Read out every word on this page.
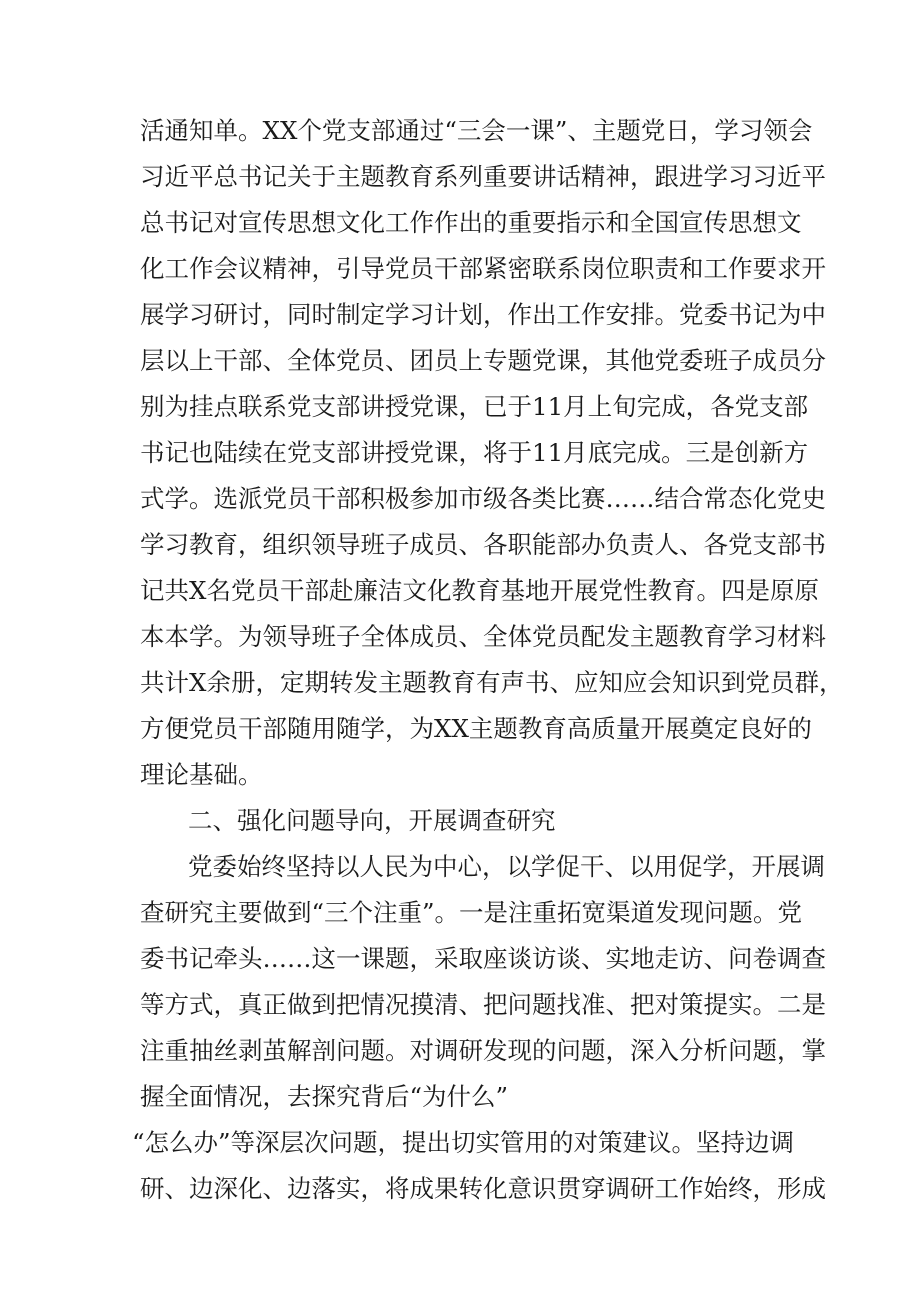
活通知单。XX个党支部通过“三会一课”、主题党日，学习领会
习近平总书记关于主题教育系列重要讲话精神，跟进学习习近平
总书记对宣传思想文化工作作出的重要指示和全国宣传思想文
化工作会议精神，引导党员干部紧密联系岗位职责和工作要求开
展学习研讨，同时制定学习计划，作出工作安排。党委书记为中
层以上干部、全体党员、团员上专题党课，其他党委班子成员分
别为挂点联系党支部讲授党课，已于11月上旬完成，各党支部
书记也陆续在党支部讲授党课，将于11月底完成。三是创新方
式学。选派党员干部积极参加市级各类比赛……结合常态化党史
学习教育，组织领导班子成员、各职能部办负责人、各党支部书
记共X名党员干部赴廉洁文化教育基地开展党性教育。四是原原
本本学。为领导班子全体成员、全体党员配发主题教育学习材料
共计X余册，定期转发主题教育有声书、应知应会知识到党员群，
方便党员干部随用随学，为XX主题教育高质量开展奠定良好的
理论基础。
二、强化问题导向，开展调查研究
党委始终坚持以人民为中心，以学促干、以用促学，开展调
查研究主要做到“三个注重”。一是注重拓宽渠道发现问题。党
委书记牵头……这一课题，采取座谈访谈、实地走访、问卷调查
等方式，真正做到把情况摸清、把问题找准、把对策提实。二是
注重抽丝剥茧解剖问题。对调研发现的问题，深入分析问题，掌
握全面情况，去探究背后“为什么”
“怎么办”等深层次问题，提出切实管用的对策建议。坚持边调
研、边深化、边落实，将成果转化意识贯穿调研工作始终，形成
